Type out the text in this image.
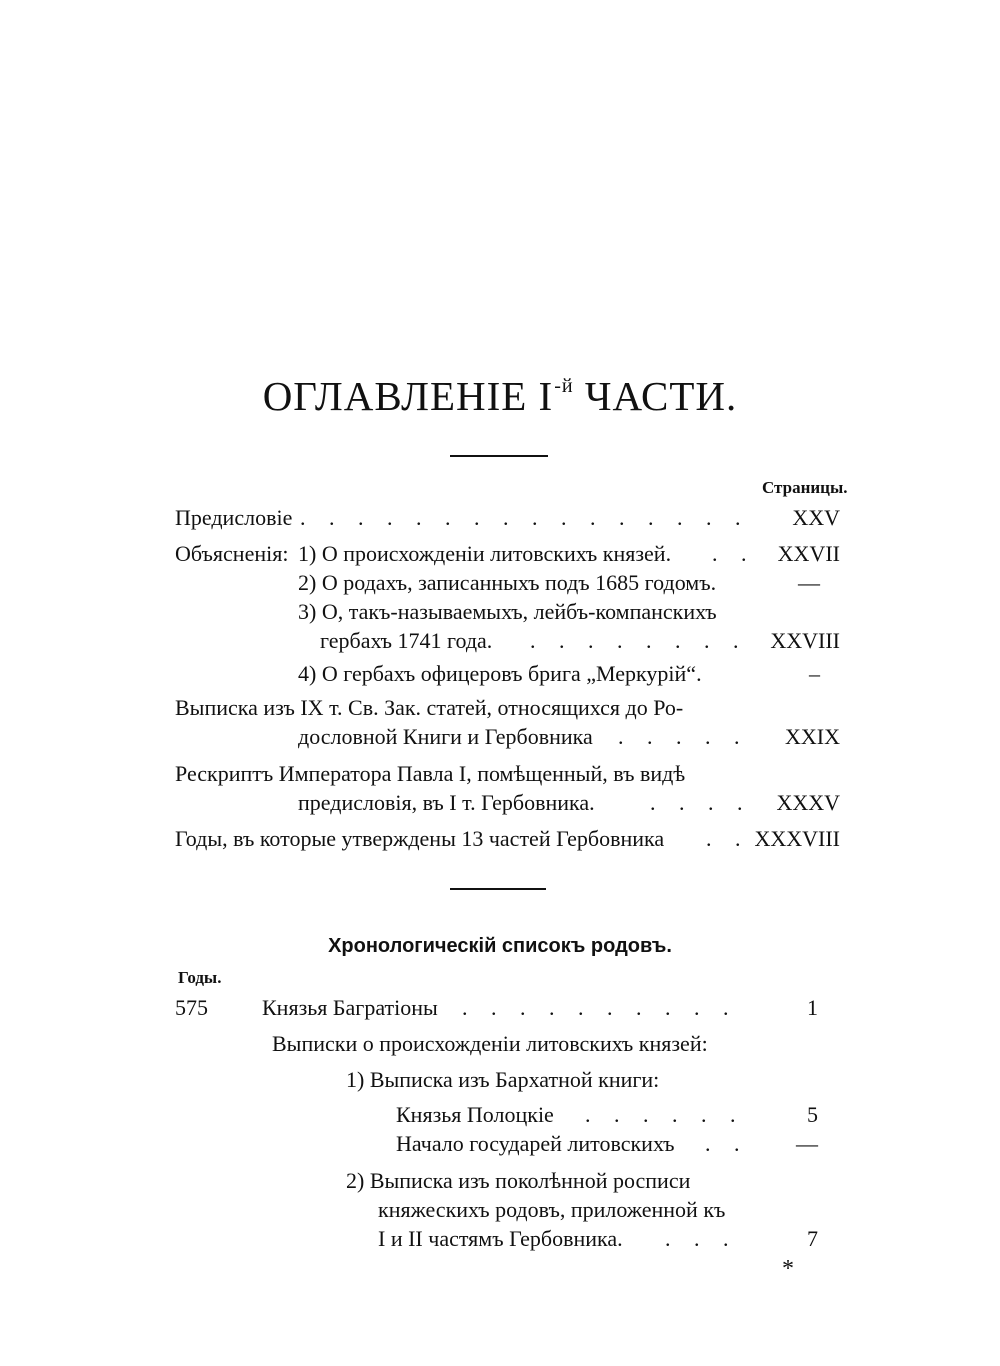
ОГЛАВЛЕНІЕ $І^{-й}$ ЧАСТИ.
Страницы.
Предисловіе . . . . . . . . . . . . . . . .	XXV
Объясненія: 1) О происхожденіи литовскихъ князей. . .	XXVII
2) О родахъ, записанныхъ подъ 1685 годомъ.	—
3) О, такъ-называемыхъ, лейбъ-компанскихъ
гербахъ 1741 года. . . . . . . . .	XXVIII
4) О гербахъ офицеровъ брига „Меркурій“.	–
Выписка изъ IX т. Св. Зак. статей, относящихся до Ро-
дословной Книги и Гербовника . . . . .	XXIX
Рескриптъ Императора Павла І, помѣщенный, въ видѣ
предисловія, въ І т. Гербовника.	. . . .	XXXV
Годы, въ которые утверждены 13 частей Гербовника . . XXXVIII
Хронологическій списокъ родовъ.
Годы.
575 Князья Багратіоны . . . . . . . . . .	1
Выписки о происхожденіи литовскихъ князей:
1) Выписка изъ Бархатной книги:
Князья Полоцкіе . . . . . .	5
Начало государей литовскихъ . .	—
2) Выписка изъ поколѣнной росписи
княжескихъ родовъ, приложенной къ
I и II частямъ Гербовника. . . .	7
*
